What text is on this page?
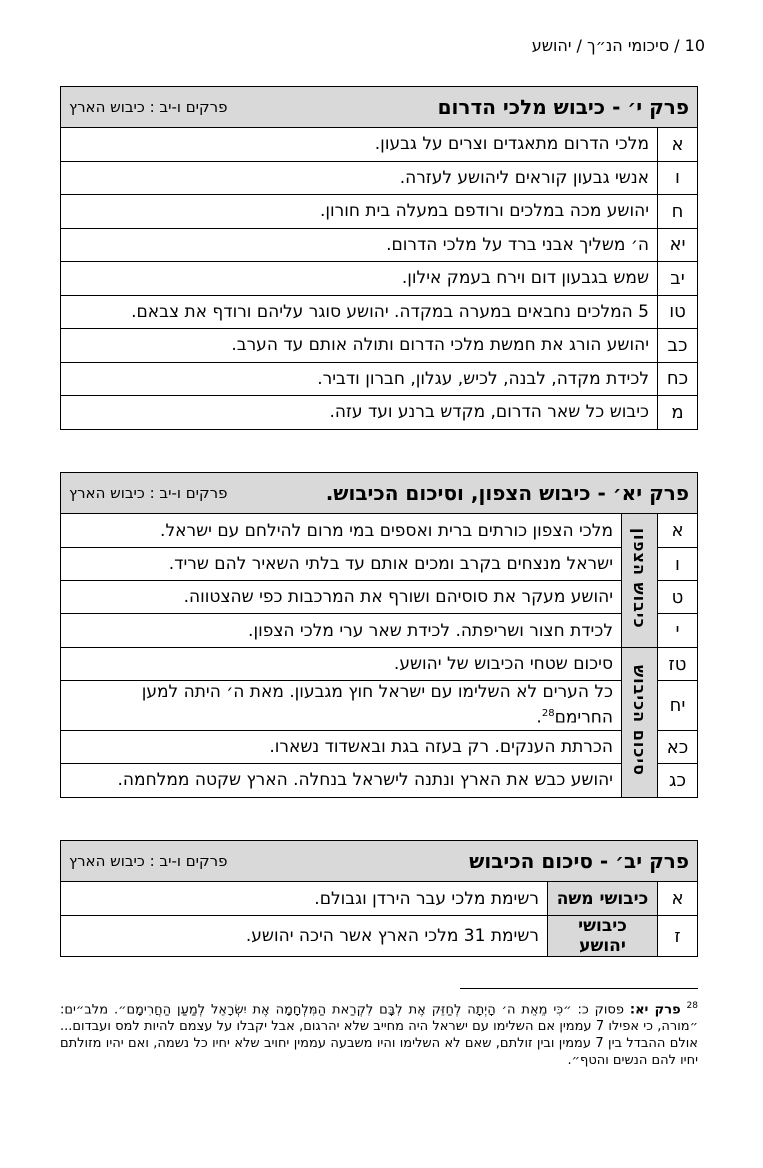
10 / סיכומי הנ״ך / יהושע
פרק י׳ - כיבוש מלכי הדרום
פרקים ו-יב : כיבוש הארץ	

א	מלכי הדרום מתאגדים וצרים על גבעון.
ו	אנשי גבעון קוראים ליהושע לעזרה.
ח	יהושע מכה במלכים ורודפם במעלה בית חורון.
יא	ה׳ משליך אבני ברד על מלכי הדרום.
יב	שמש בגבעון דום וירח בעמק אילון.
טו	5 המלכים נחבאים במערה במקדה. יהושע סוגר עליהם ורודף את צבאם.
כב	יהושע הורג את חמשת מלכי הדרום ותולה אותם עד הערב.
כח	לכידת מקדה, לבנה, לכיש, עגלון, חברון ודביר.
מ	כיבוש כל שאר הדרום, מקדש ברנע ועד עזה.
פרק יא׳ - כיבוש הצפון, וסיכום הכיבוש.
פרקים ו-יב : כיבוש הארץ		

א	כיבוש הצפון	מלכי הצפון כורתים ברית ואספים במי מרום להילחם עם ישראל.
ו		ישראל מנצחים בקרב ומכים אותם עד בלתי השאיר להם שריד.
ט		יהושע מעקר את סוסיהם ושורף את המרכבות כפי שהצטווה.
י		לכידת חצור ושריפתה. לכידת שאר ערי מלכי הצפון.
טז	סיכום הכיבוש	סיכום שטחי הכיבוש של יהושע.
יח		כל הערים לא השלימו עם ישראל חוץ מגבעון. מאת ה׳ היתה למען החרימם$^{28}$.
כא		הכרתת הענקים. רק בעזה בגת ובאשדוד נשארו.
כג		יהושע כבש את הארץ ונתנה לישראל בנחלה. הארץ שקטה ממלחמה.
פרק יב׳ - סיכום הכיבוש
פרקים ו-יב : כיבוש הארץ		

א	כיבושי משה	רשימת מלכי עבר הירדן וגבולם.
ז	כיבושי יהושע	רשימת 31 מלכי הארץ אשר היכה יהושע.
$^{28}$ פרק יא: פסוק כ: ״כִּי מֵאֵת ה׳ הָיְתָה לְחַזֵּק אֶת לִבָּם לִקְרַאת הַמִּלְחָמָה אֶת יִשְׂרָאֵל לְמַעַן הַחֲרִימָם״. מלב״ים: ״מורה, כי אפילו 7 עממין אם השלימו עם ישראל היה מחייב שלא יהרגום, אבל יקבלו על עצמם להיות למס ועבדום... אולם ההבדל בין 7 עממין ובין זולתם, שאם לא השלימו והיו משבעה עממין יחויב שלא יחיו כל נשמה, ואם יהיו מזולתם יחיו להם הנשים והטף״.
